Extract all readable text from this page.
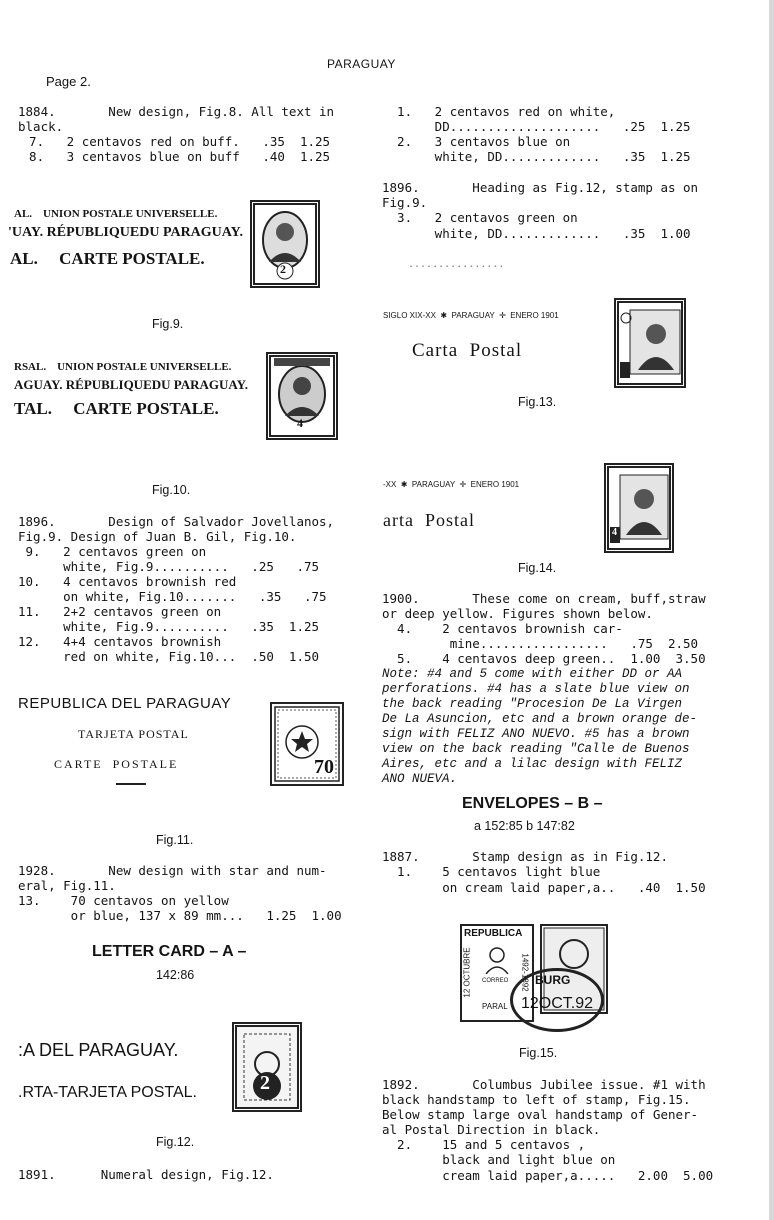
PARAGUAY
Page 2.
1884.       New design, Fig.8. All text in
black.
7.   2 centavos red on buff.   .35  1.25
8.   3 centavos blue on buff   .40  1.25
AL.    UNION POSTALE UNIVERSELLE.
'UAY. RÉPUBLIQUEDU PARAGUAY.
AL.     CARTE POSTALE.
2
Fig.9.
RSAL.    UNION POSTALE UNIVERSELLE.
AGUAY. RÉPUBLIQUEDU PARAGUAY.
TAL.     CARTE POSTALE.
4
Fig.10.
1896.       Design of Salvador Jovellanos,
Fig.9. Design of Juan B. Gil, Fig.10.
9.   2 centavos green on
white, Fig.9..........   .25   .75
10.   4 centavos brownish red
on white, Fig.10.......   .35   .75
11.   2+2 centavos green on
white, Fig.9..........   .35  1.25
12.   4+4 centavos brownish
red on white, Fig.10...  .50  1.50
REPUBLICA DEL PARAGUAY
TARJETA POSTAL
CARTE  POSTALE	70
Fig.11.
1928.       New design with star and num-
eral, Fig.11.
13.    70 centavos on yellow
or blue, 137 x 89 mm...   1.25  1.00
LETTER CARD – A –
142:86
:A DEL PARAGUAY.
.RTA-TARJETA POSTAL.	2
Fig.12.
1891.      Numeral design, Fig.12.
1.   2 centavos red on white,
DD....................   .25  1.25
2.   3 centavos blue on
white, DD.............   .35  1.25
1896.       Heading as Fig.12, stamp as on
Fig.9.
3.   2 centavos green on
white, DD.............   .35  1.00
................
SIGLO XIX-XX  ✱  PARAGUAY  ✛  ENERO 1901
Carta  Postal
Fig.13.
-XX  ✱  PARAGUAY  ✛  ENERO 1901
arta  Postal
4
Fig.14.
1900.       These come on cream, buff,straw
or deep yellow. Figures shown below.
4.    2 centavos brownish car-
mine.................   .75  2.50
5.    4 centavos deep green..  1.00  3.50
Note: #4 and 5 come with either DD or AA
perforations. #4 has a slate blue view on
the back reading "Procesion De La Virgen
De La Asuncion, etc and a brown orange de-
sign with FELIZ ANO NUEVO. #5 has a brown
view on the back reading "Calle de Buenos
Aires, etc and a lilac design with FELIZ
ANO NUEVA.
ENVELOPES – B –
a 152:85 b 147:82
1887.       Stamp design as in Fig.12.
1.    5 centavos light blue
on cream laid paper,a..   .40  1.50

REPUBLICA

12 OCTUBRE

	1492-1892

CORREO

PARAL

BURG

12OCT.92

Fig.15.
1892.       Columbus Jubilee issue. #1 with
black handstamp to left of stamp, Fig.15.
Below stamp large oval handstamp of Gener-
al Postal Direction in black.
2.    15 and 5 centavos ,
black and light blue on
cream laid paper,a.....   2.00  5.00
